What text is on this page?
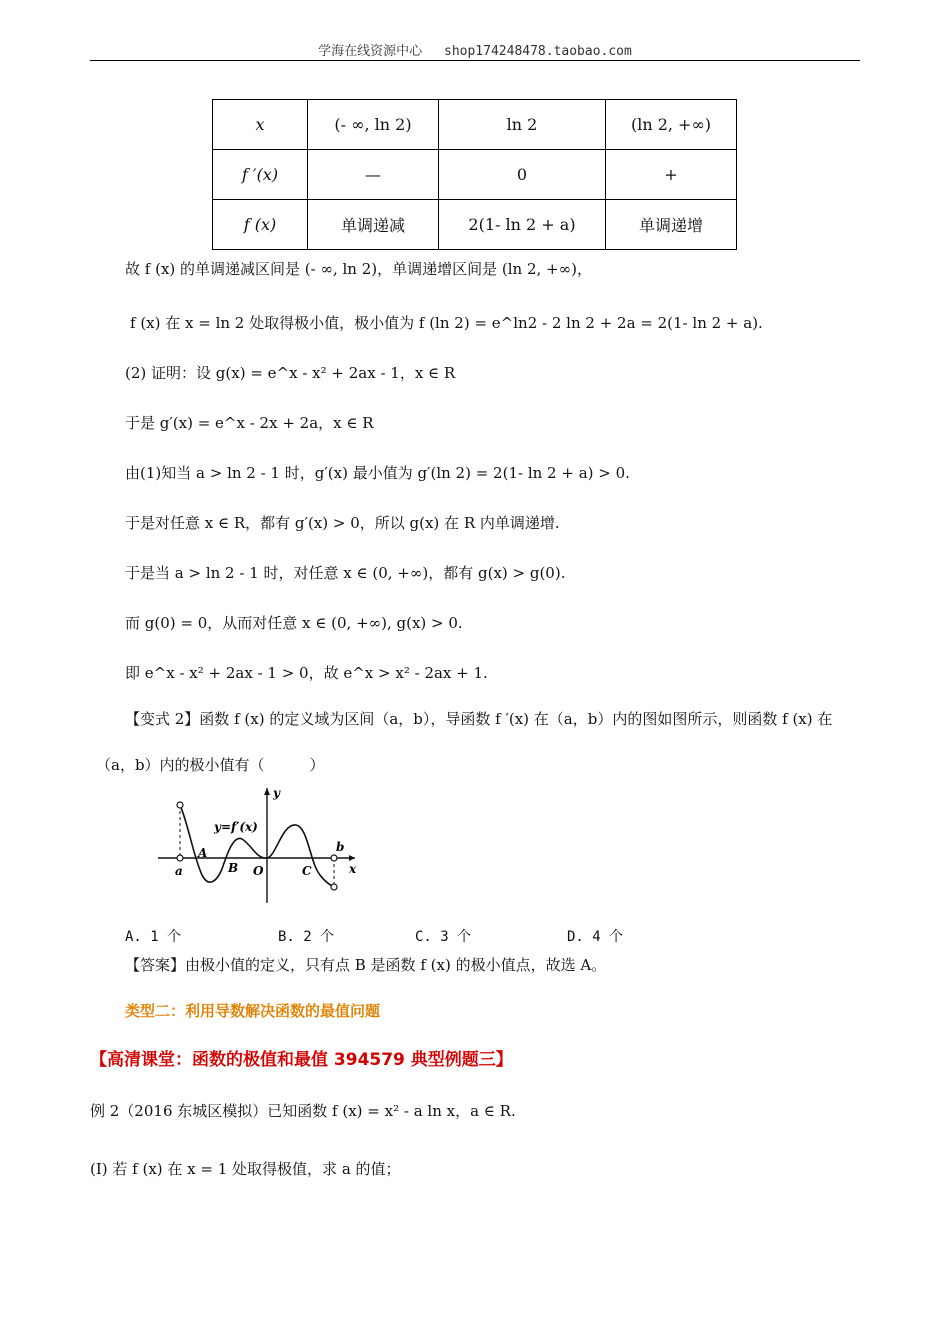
学海在线资源中心 shop174248478.taobao.com
x	(- ∞, ln 2)	ln 2	(ln 2, +∞)
f ′(x)	—	0	+
f (x)	单调递减	2(1- ln 2 + a)	单调递增
故 f (x) 的单调递减区间是 (- ∞, ln 2)，单调递增区间是 (ln 2, +∞)，
f (x) 在 x = ln 2 处取得极小值，极小值为 f (ln 2) = e^ln2 - 2 ln 2 + 2a = 2(1- ln 2 + a).
(2) 证明：设 g(x) = e^x - x² + 2ax - 1，x ∈ R
于是 g′(x) = e^x - 2x + 2a，x ∈ R
由(1)知当 a > ln 2 - 1 时，g′(x) 最小值为 g′(ln 2) = 2(1- ln 2 + a) > 0.
于是对任意 x ∈ R，都有 g′(x) > 0，所以 g(x) 在 R 内单调递增.
于是当 a > ln 2 - 1 时，对任意 x ∈ (0, +∞)，都有 g(x) > g(0).
而 g(0) = 0，从而对任意 x ∈ (0, +∞), g(x) > 0.
即 e^x - x² + 2ax - 1 > 0，故 e^x > x² - 2ax + 1.
【变式 2】函数 f (x) 的定义域为区间（a，b），导函数 f ′(x) 在（a，b）内的图如图所示，则函数 f (x) 在
（a，b）内的极小值有（　　　）
y
x
y=f′(x)
A
B O	C
a
b
A. 1 个	B. 2 个	C. 3 个	D. 4 个
【答案】由极小值的定义，只有点 B 是函数 f (x) 的极小值点，故选 A。
类型二：利用导数解决函数的最值问题
【高清课堂：函数的极值和最值 394579 典型例题三】
例 2（2016 东城区模拟）已知函数 f (x) = x² - a ln x，a ∈ R.
(Ⅰ) 若 f (x) 在 x = 1 处取得极值，求 a 的值；
